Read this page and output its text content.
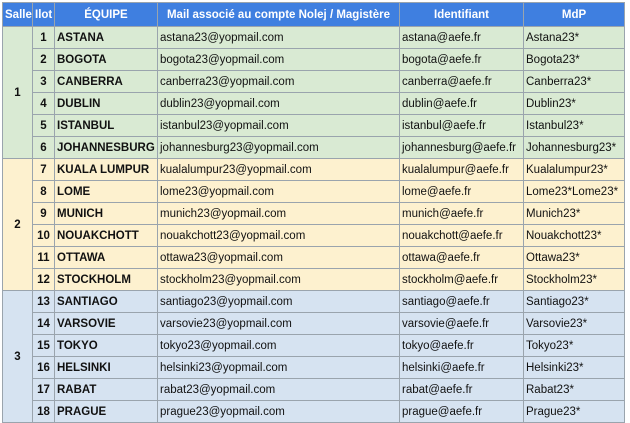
Salle	Ilot	ÉQUIPE	Mail associé au compte Nolej / Magistère	Identifiant	MdP
1	1	ASTANA	astana23@yopmail.com	astana@aefe.fr	Astana23*
	2	BOGOTA	bogota23@yopmail.com	bogota@aefe.fr	Bogota23*
	3	CANBERRA	canberra23@yopmail.com	canberra@aefe.fr	Canberra23*
	4	DUBLIN	dublin23@yopmail.com	dublin@aefe.fr	Dublin23*
	5	ISTANBUL	istanbul23@yopmail.com	istanbul@aefe.fr	Istanbul23*
	6	JOHANNESBURG	johannesburg23@yopmail.com	johannesburg@aefe.fr	Johannesburg23*
2	7	KUALA LUMPUR	kualalumpur23@yopmail.com	kualalumpur@aefe.fr	Kualalumpur23*
	8	LOME	lome23@yopmail.com	lome@aefe.fr	Lome23*Lome23*
	9	MUNICH	munich23@yopmail.com	munich@aefe.fr	Munich23*
	10	NOUAKCHOTT	nouakchott23@yopmail.com	nouakchott@aefe.fr	Nouakchott23*
	11	OTTAWA	ottawa23@yopmail.com	ottawa@aefe.fr	Ottawa23*
	12	STOCKHOLM	stockholm23@yopmail.com	stockholm@aefe.fr	Stockholm23*
3	13	SANTIAGO	santiago23@yopmail.com	santiago@aefe.fr	Santiago23*
	14	VARSOVIE	varsovie23@yopmail.com	varsovie@aefe.fr	Varsovie23*
	15	TOKYO	tokyo23@yopmail.com	tokyo@aefe.fr	Tokyo23*
	16	HELSINKI	helsinki23@yopmail.com	helsinki@aefe.fr	Helsinki23*
	17	RABAT	rabat23@yopmail.com	rabat@aefe.fr	Rabat23*
	18	PRAGUE	prague23@yopmail.com	prague@aefe.fr	Prague23*
